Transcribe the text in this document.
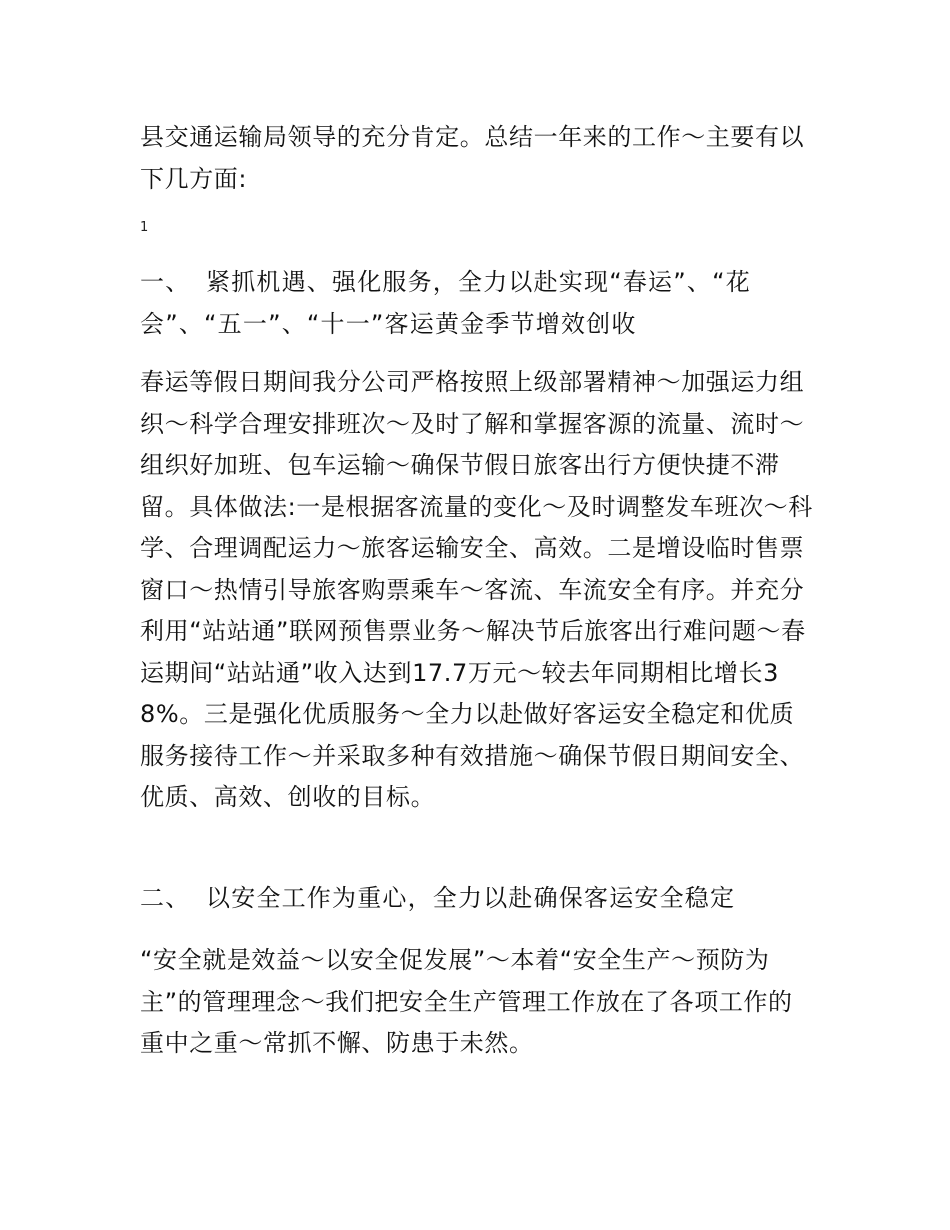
县交通运输局领导的充分肯定。总结一年来的工作～主要有以下几方面:

1

一、 紧抓机遇、强化服务，全力以赴实现“春运”、“花会”、“五一”、“十一”客运黄金季节增效创收

春运等假日期间我分公司严格按照上级部署精神～加强运力组织～科学合理安排班次～及时了解和掌握客源的流量、流时～组织好加班、包车运输～确保节假日旅客出行方便快捷不滞留。具体做法:一是根据客流量的变化～及时调整发车班次～科学、合理调配运力～旅客运输安全、高效。二是增设临时售票窗口～热情引导旅客购票乘车～客流、车流安全有序。并充分利用“站站通”联网预售票业务～解决节后旅客出行难问题～春运期间“站站通”收入达到17.7万元～较去年同期相比增长38%。三是强化优质服务～全力以赴做好客运安全稳定和优质服务接待工作～并采取多种有效措施～确保节假日期间安全、优质、高效、创收的目标。

二、 以安全工作为重心，全力以赴确保客运安全稳定

“安全就是效益～以安全促发展”～本着“安全生产～预防为主”的管理理念～我们把安全生产管理工作放在了各项工作的重中之重～常抓不懈、防患于未然。
